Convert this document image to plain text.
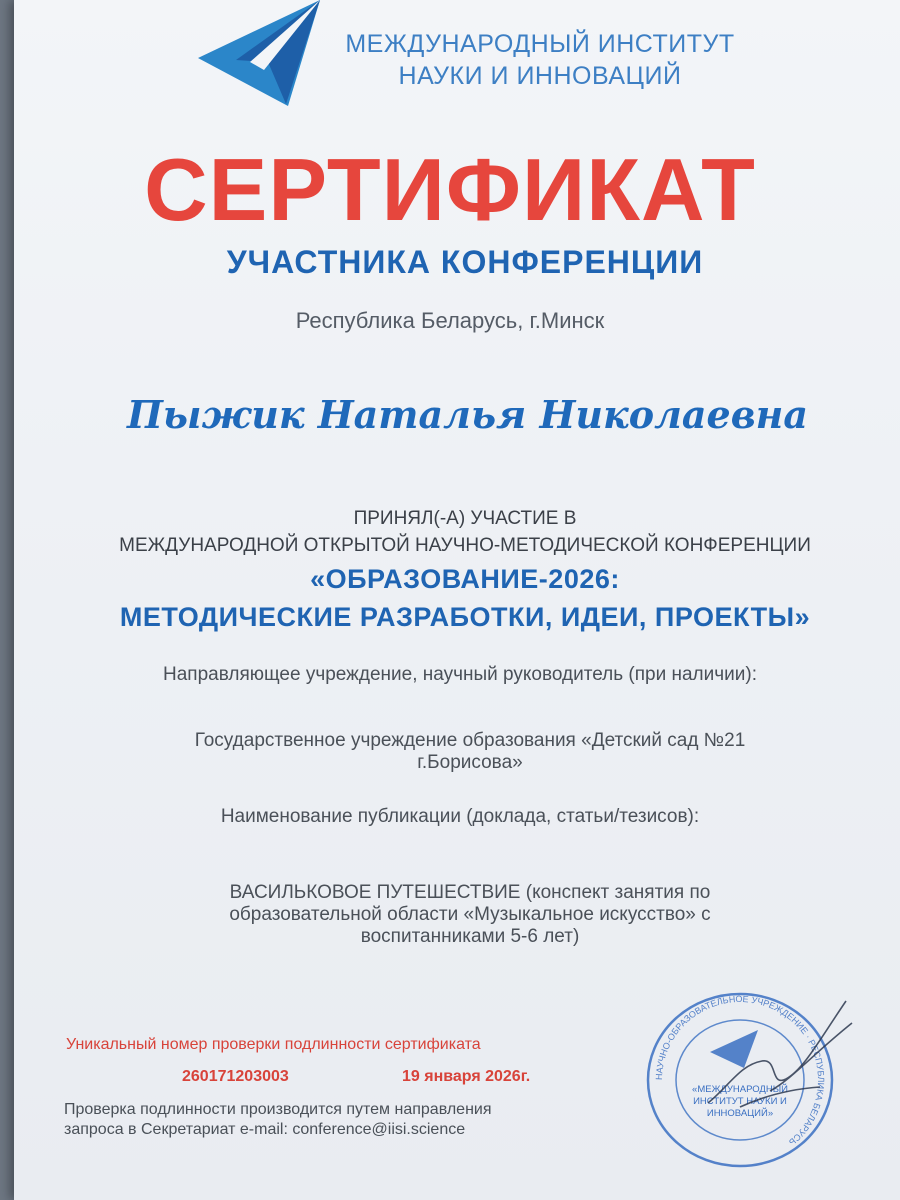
МЕЖДУНАРОДНЫЙ ИНСТИТУТ
НАУКИ И ИННОВАЦИЙ
СЕРТИФИКАТ
УЧАСТНИКА КОНФЕРЕНЦИИ
Республика Беларусь, г.Минск
Пыжик Наталья Николаевна
ПРИНЯЛ(-А) УЧАСТИЕ В
МЕЖДУНАРОДНОЙ ОТКРЫТОЙ НАУЧНО-МЕТОДИЧЕСКОЙ КОНФЕРЕНЦИИ
«ОБРАЗОВАНИЕ-2026:
МЕТОДИЧЕСКИЕ РАЗРАБОТКИ, ИДЕИ, ПРОЕКТЫ»
Направляющее учреждение, научный руководитель (при наличии):
Государственное учреждение образования «Детский сад №21
г.Борисова»
Наименование публикации (доклада, статьи/тезисов):
ВАСИЛЬКОВОЕ ПУТЕШЕСТВИЕ (конспект занятия по
образовательной области «Музыкальное искусство» с
воспитанниками 5-6 лет)
Уникальный номер проверки подлинности сертификата
260171203003	19 января 2026г.
Проверка подлинности производится путем направления
запроса в Секретариат e-mail: conference@iisi.science
НАУЧНО-ОБРАЗОВАТЕЛЬНОЕ УЧРЕЖДЕНИЕ · РЕСПУБЛИКА БЕЛАРУСЬ
«МЕЖДУНАРОДНЫЙ
ИНСТИТУТ НАУКИ И
ИННОВАЦИЙ»
